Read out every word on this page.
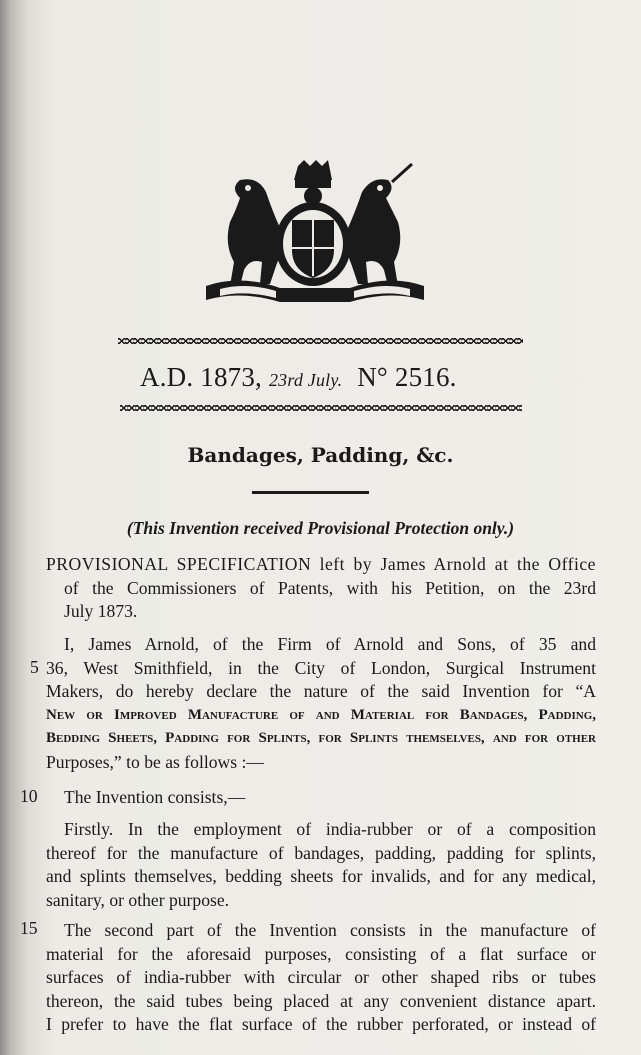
A.D. 1873, 23rd July. N° 2516.
Bandages, Padding, &c.
(This Invention received Provisional Protection only.)
PROVISIONAL SPECIFICATION left by James Arnold at the Office
of the Commissioners of Patents, with his Petition, on the 23rd
July 1873.
I, James Arnold, of the Firm of Arnold and Sons, of 35 and
36, West Smithfield, in the City of London, Surgical Instrument
Makers, do hereby declare the nature of the said Invention for “A
New or Improved Manufacture of and Material for Bandages, Padding,
Bedding Sheets, Padding for Splints, for Splints themselves, and for other
Purposes,” to be as follows :—
The Invention consists,—
Firstly. In the employment of india-rubber or of a composition
thereof for the manufacture of bandages, padding, padding for splints,
and splints themselves, bedding sheets for invalids, and for any medical,
sanitary, or other purpose.
The second part of the Invention consists in the manufacture of
material for the aforesaid purposes, consisting of a flat surface or
surfaces of india-rubber with circular or other shaped ribs or tubes
thereon, the said tubes being placed at any convenient distance apart.
I prefer to have the flat surface of the rubber perforated, or instead of
5
10
15
